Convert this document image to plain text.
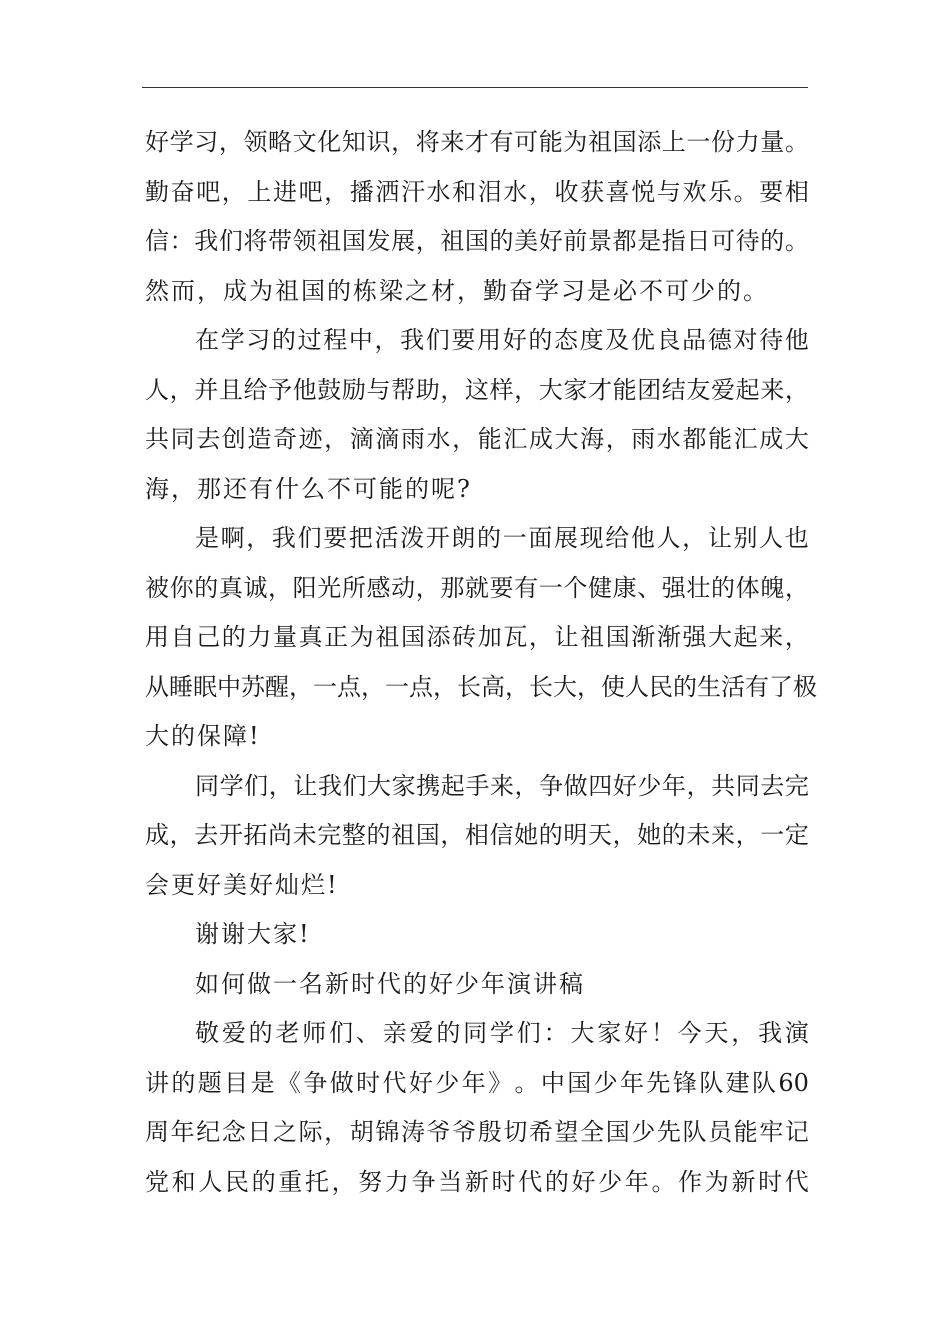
好 学 习 ， 领 略 文 化 知 识 ， 将 来 才 有 可 能 为 祖 国 添 上 一 份 力 量 。
勤 奋 吧 ， 上 进 吧 ， 播 洒 汗 水 和 泪 水 ， 收 获 喜 悦 与 欢 乐 。 要 相
信 ： 我 们 将 带 领 祖 国 发 展 ， 祖 国 的 美 好 前 景 都 是 指 日 可 待 的 。
然而，成为祖国的栋梁之材，勤奋学习是必不可少的。
在 学 习 的 过 程 中 ， 我 们 要 用 好 的 态 度 及 优 良 品 德 对 待 他
人 ， 并 且 给 予 他 鼓 励 与 帮 助 ， 这 样 ， 大 家 才 能 团 结 友 爱 起 来 ，
共 同 去 创 造 奇 迹 ， 滴 滴 雨 水 ， 能 汇 成 大 海 ， 雨 水 都 能 汇 成 大
海，那还有什么不可能的呢?
是 啊 ， 我 们 要 把 活 泼 开 朗 的 一 面 展 现 给 他 人 ， 让 别 人 也
被 你 的 真 诚 ， 阳 光 所 感 动 ， 那 就 要 有 一 个 健 康 、 强 壮 的 体 魄 ，
用 自 己 的 力 量 真 正 为 祖 国 添 砖 加 瓦 ， 让 祖 国 渐 渐 强 大 起 来 ，
从 睡 眠 中 苏 醒 ， 一 点 ， 一 点 ， 长 高 ， 长 大 ， 使 人 民 的 生 活 有 了 极
大的保障!
同 学 们 ， 让 我 们 大 家 携 起 手 来 ， 争 做 四 好 少 年 ， 共 同 去 完
成 ， 去 开 拓 尚 未 完 整 的 祖 国 ， 相 信 她 的 明 天 ， 她 的 未 来 ， 一 定
会更好美好灿烂!
谢谢大家!
如何做一名新时代的好少年演讲稿
敬 爱 的 老 师 们 、 亲 爱 的 同 学 们 ： 大 家 好 ！ 今 天 ， 我 演
讲 的 题 目 是 《 争 做 时 代 好 少 年 》 。 中 国 少 年 先 锋 队 建 队 60
周 年 纪 念 日 之 际 ， 胡 锦 涛 爷 爷 殷 切 希 望 全 国 少 先 队 员 能 牢 记
党 和 人 民 的 重 托 ， 努 力 争 当 新 时 代 的 好 少 年 。 作 为 新 时 代
